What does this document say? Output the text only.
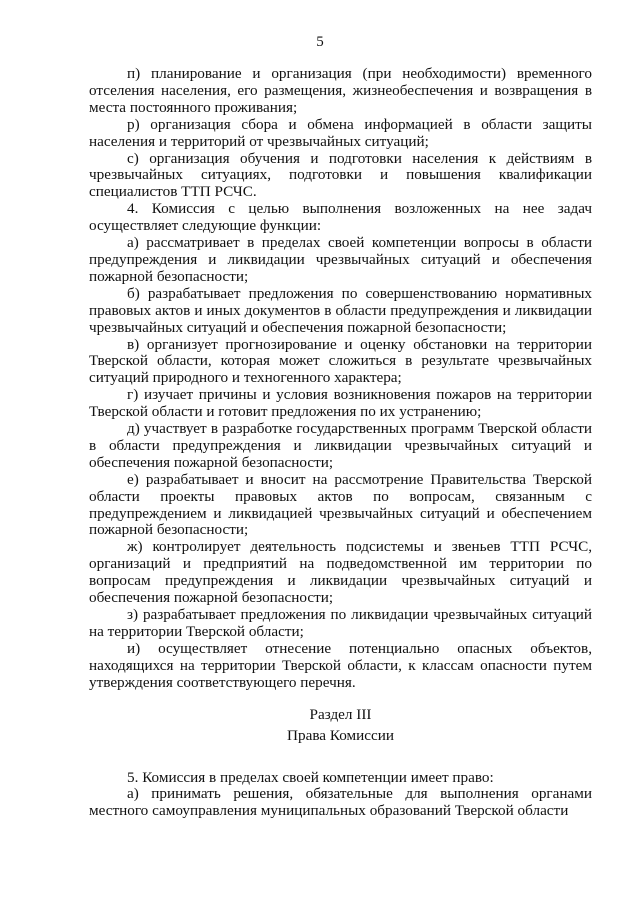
5

п) планирование и организация (при необходимости) временного отселения населения, его размещения, жизнеобеспечения и возвращения в места постоянного проживания;

р) организация сбора и обмена информацией в области защиты населения и территорий от чрезвычайных ситуаций;

с) организация обучения и подготовки населения к действиям в чрезвычайных ситуациях, подготовки и повышения квалификации специалистов ТТП РСЧС.

4. Комиссия с целью выполнения возложенных на нее задач осуществляет следующие функции:

а) рассматривает в пределах своей компетенции вопросы в области предупреждения и ликвидации чрезвычайных ситуаций и обеспечения пожарной безопасности;

б) разрабатывает предложения по совершенствованию нормативных правовых актов и иных документов в области предупреждения и ликвидации чрезвычайных ситуаций и обеспечения пожарной безопасности;

в) организует прогнозирование и оценку обстановки на территории Тверской области, которая может сложиться в результате чрезвычайных ситуаций природного и техногенного характера;

г) изучает причины и условия возникновения пожаров на территории Тверской области и готовит предложения по их устранению;

д) участвует в разработке государственных программ Тверской области в области предупреждения и ликвидации чрезвычайных ситуаций и обеспечения пожарной безопасности;

е) разрабатывает и вносит на рассмотрение Правительства Тверской области проекты правовых актов по вопросам, связанным с предупреждением и ликвидацией чрезвычайных ситуаций и обеспечением пожарной безопасности;

ж) контролирует деятельность подсистемы и звеньев ТТП РСЧС, организаций и предприятий на подведомственной им территории по вопросам предупреждения и ликвидации чрезвычайных ситуаций и обеспечения пожарной безопасности;

з) разрабатывает предложения по ликвидации чрезвычайных ситуаций на территории Тверской области;

и) осуществляет отнесение потенциально опасных объектов, находящихся на территории Тверской области, к классам опасности путем утверждения соответствующего перечня.

Раздел III

Права Комиссии

5. Комиссия в пределах своей компетенции имеет право:

а) принимать решения, обязательные для выполнения органами местного самоуправления муниципальных образований Тверской области
